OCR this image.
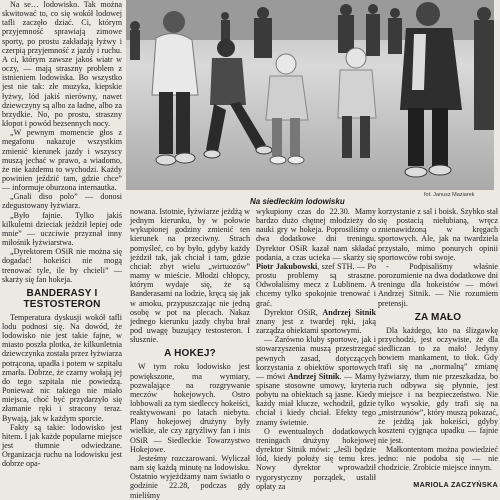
fot. Janusz Maziarek
Na siedleckim lodowisku

Na se… lodowisko. Tak można skwitować to, co się wokół lodowej tafli zaczęło dziać. Ci, którym przyjemność sprawiają zimowe sporty, po prostu zakładają łyżwy i czerpią przyjemność z jazdy i ruchu. A ci, którym zawsze jakoś wiatr w oczy, — mają straszny problem z istnieniem lodowiska. Bo wszystko jest nie tak: złe muzyka, kiepskie łyżwy, lód jakiś nierówny, nawet dziewczyny są albo za ładne, albo za brzydkie. No, po prostu, straszny kłopot i powód bezsennych nocy.

„W pewnym momencie głos z megafonu nakazuje wszystkim zmienić kierunek jazdy i wszyscy muszą jechać w prawo, a wiadomo, że nie każdemu to wychodzi. Każdy powinien jeździć tam, gdzie chce” — informuje oburzona internautka.

„Gnali diso polo” — donosi zdegustowany łyżwiarz.

„Było fajnie. Tylko jakiś kilkuletni dzieciak jeździł lepiej ode mnie” — uczciwie przyznał inny miłośnik łyżwiarstwa.

„Dyrektorem OSiR nie można się dogadać! hokeiści nie mogą trenować tyle, ile by chcieli” — skarży się fan hokeja.

BANDERASY I TESTOSTERON

Temperatura dyskusji wokół tafli lodu podnosi się. Na dowód, że lodowisko nie jest takie fajne, w miasto poszła plotka, że kilkunletnia dziewczynka została przez łyżwiarza potrącona, upadła i potem w szpitalu zmarła. Dobrze, że czarny wołają jej do tego szpitala nie powiedzą. Ponieważ nic takiego nie miało miejsca, choć być przydarzyło się złamanie ręki i stracony teraz. Bywają, jak w każdym sporcie.

Fakty są takie: lodowisko jest hitem. I jak każde popularne miejsce jest tłumnie odwiedzane. Organizacja ruchu na lodowisku jest dobrze opa-

nowana. Istotnie, łyżwiarze jeżdżą w jednym kierunku, by w połowie wykupionej godziny zmienić ten kierunek na przeciwny. Strach pomyśleć, co by było, gdyby każdy jeździł tak, jak chciał i tam, gdzie chciał: zbyt wielu „wirtuozów” mamy w mieście. Młodzi chłopcy, którym wydaje się, że są Banderasami na lodzie, kręcą się jak w amoku, przypuszczając nie jedną osobę w pot na plecach. Nakaz jednego kierunku jazdy chyba brał pod uwagę buzujący testosteron. I słusznie.

A HOKEJ?

W tym roku lodowisko jest powiększone, ma wymiary, pozwalające na rozgrywanie meczów hokejowych. Ostro lobbowali za tym siedleccy hokeiści, reaktywowani po latach niebytu. Plany hokejowej drużyny były wielkie, ale czy zgryźliwy fan i inis OSiR — Siedleckie Towarzystwo Hokejowe.

Jesteśmy rozczarowani. Wyliczał nam się każdą minutę na lodowisku. Ostatnio wyjeżdżamy nam światło o godzinie 22.28, podczas gdy mieliśmy

wykupiony czas do 22.30. Mamy bardzo dużo chętnej młodzieży do nauki gry w hokeja. Poprosiliśmy o dwa dodatkowe dni treningu. Dyrektor OSiR kazał nam składać podania, a czas ucieka — skarży się Piotr Jakubowski, szef STH. — Po prostu problemy są straszne. Odwołaliśmy mecz z Lublinem. A chcemy tylko spokojnie trenować i grać.

Dyrektor OSiR, Andrzej Sitnik znany jest z twardej ręki, jaką zarządza obiektami sportowymi.

— Zarówno kluby sportowe, jak i stowarzyszenia muszą przestrzegać pewnych zasad, dotyczących korzystania z obiektów sportowych — mówi Andrzej Sitnik. — Mamy spisane stosowne umowy, kryteria pobytu na obiektach są jasne. Kiedy każdy miał klucze, wchodził, gdzie chciał i kiedy chciał. Efekty tego znamy świetnie.

O ewentualnych dodatkowych treningach drużyny hokejowej dyrektor Sitnik mówi: „Jeśli będzie lód, kiedy położy się temu kres. Nowy dyrektor wprowadził rygorystyczny porządek, ustalił opłaty za

korzystanie z sal i boisk. Szybko stał się postacią niełubianą, wręcz znienawidzoną w kręgach sportowych. Ale, jak na twardziela przystało, mimo ponurych opinii sportowców robi swoje.

- Podpisaliśmy właśnie porozumienie na dwa dodatkowe dni treningu dla hokeistów — mówi Andrzej Sitnik. — Nie rozumiem pretensji.

ZA MAŁO

Dla każdego, kto na ślizgawkę przychodzi, jest oczywiste, że dla siedliczan to za mało! Jedyny bowiem mankament, to tłok. Gdy trafi się na „normalną” zmianę łyżwiarzy, tłum nie przeszkadza, bo ruch odbywa się płynnie, jest miejsce i na bezpieczeństwo. Nie tylko wysokie, gdy trafi się na „mistrzunów”, który muszą pokazać, że jeżdżą jak hokeiści, gdyby koszteni cyjgnąca upadku — fajnie nie jest.

Małkontentom można powiedzieć jedno: nie podoba się — nie chodzicie. Zrobicie miejsce innym.

MARIOLA ZACZYŃSKA
